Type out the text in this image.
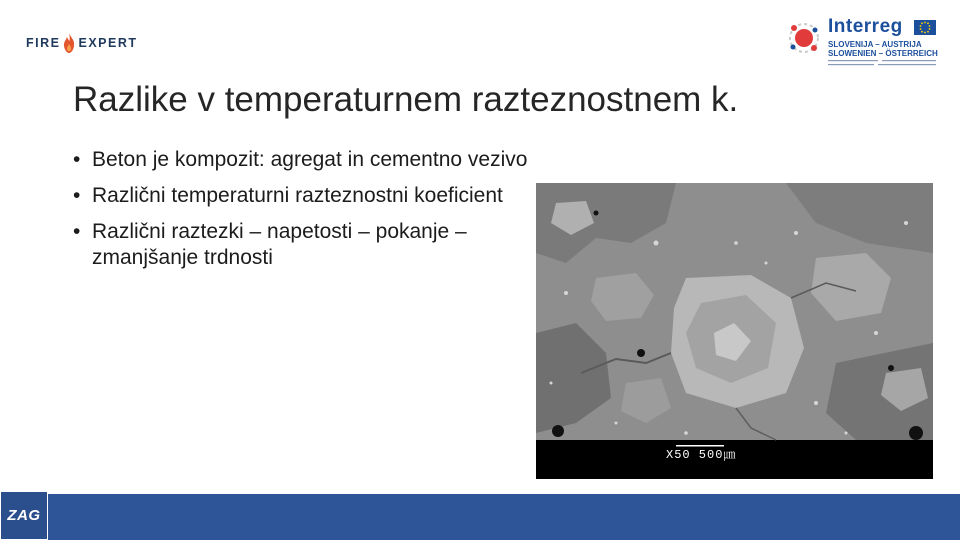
FIRE EXPERT
Interreg
SLOVENIJA – AUSTRIJA
SLOWENIEN – ÖSTERREICH
Razlike v temperaturnem razteznostnem k.
• Beton je kompozit: agregat in cementno vezivo
• Različni temperaturni razteznostni koeficient
• Različni raztezki – napetosti – pokanje – zmanjšanje trdnosti
X50 500㎛
ZAG
